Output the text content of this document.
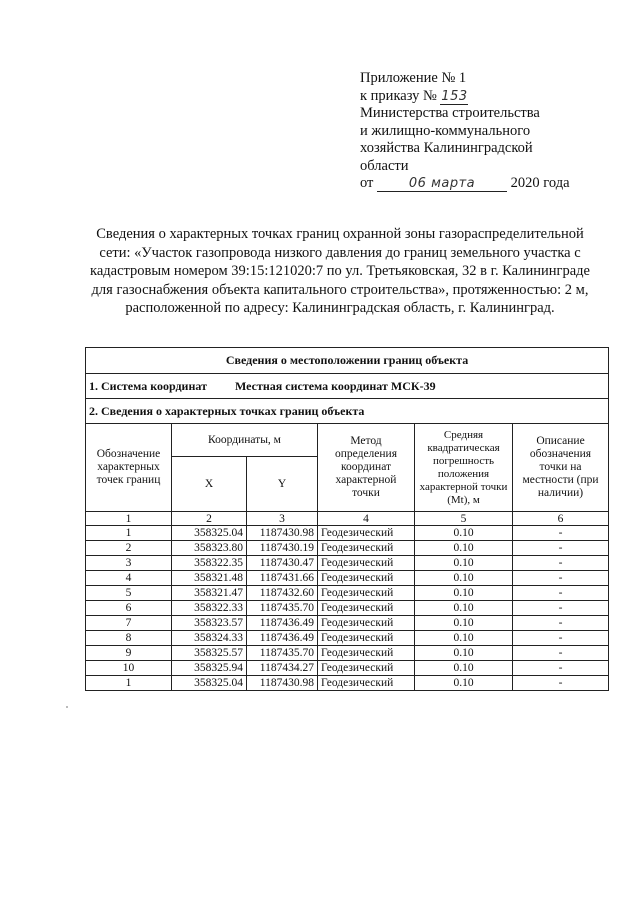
Приложение № 1
к приказу № 153
Министерства строительства
и жилищно-коммунального
хозяйства Калининградской
области
от	06 марта 2020 года
Сведения о характерных точках границ охранной зоны газораспределительной сети: «Участок газопровода низкого давления до границ земельного участка с кадастровым номером 39:15:121020:7 по ул. Третьяковская, 32 в г. Калининграде для газоснабжения объекта капитального строительства», протяженностью: 2 м, расположенной по адресу: Калининградская область, г. Калининград.
Сведения о местоположении границ объекта					
1. Система координат Местная система координат МСК-39					
2. Сведения о характерных точках границ объекта					
Обозначение характерных точек границ	Координаты, м		Метод определения координат характерной точки	Средняя квадратическая погрешность положения характерной точки (Mt), м	Описание обозначения точки на местности (при наличии)
	X	Y			
1	2	3	4	5	6
1	358325.04	1187430.98	Геодезический	0.10	-
2	358323.80	1187430.19	Геодезический	0.10	-
3	358322.35	1187430.47	Геодезический	0.10	-
4	358321.48	1187431.66	Геодезический	0.10	-
5	358321.47	1187432.60	Геодезический	0.10	-
6	358322.33	1187435.70	Геодезический	0.10	-
7	358323.57	1187436.49	Геодезический	0.10	-
8	358324.33	1187436.49	Геодезический	0.10	-
9	358325.57	1187435.70	Геодезический	0.10	-
10	358325.94	1187434.27	Геодезический	0.10	-
1	358325.04	1187430.98	Геодезический	0.10	-
